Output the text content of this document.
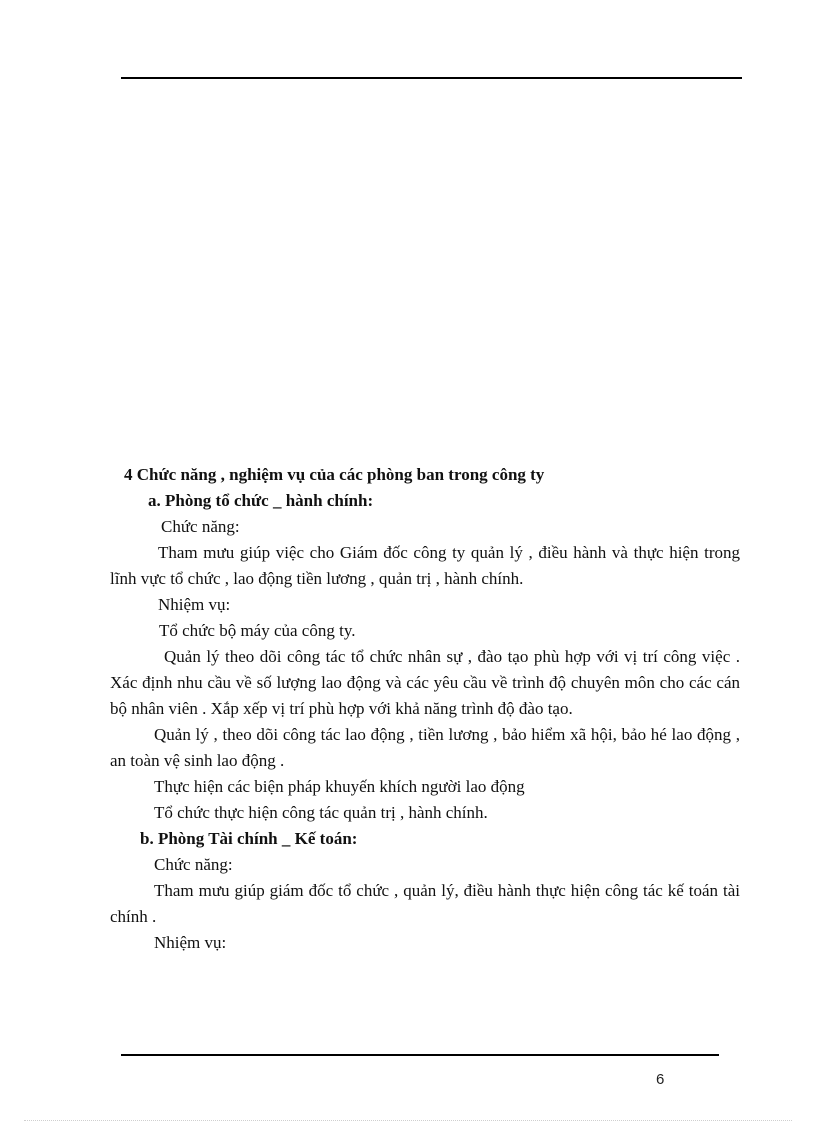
4 Chức năng , nghiệm vụ của các phòng ban trong công ty

a. Phòng tổ chức _ hành chính:

Chức năng:

Tham mưu giúp việc cho Giám đốc công ty quản lý , điều hành và thực hiện trong lĩnh vực tổ chức , lao động tiền lương , quản trị , hành chính.

Nhiệm vụ:

Tổ chức bộ máy của công ty.

Quản lý theo dõi công tác tổ chức nhân sự , đào tạo phù hợp với vị trí công việc . Xác định nhu cầu về số lượng lao động và các yêu cầu về trình độ chuyên môn cho các cán bộ nhân viên . Xắp xếp vị trí phù hợp với khả năng trình độ đào tạo.

Quản lý , theo dõi công tác lao động , tiền lương , bảo hiểm xã hội, bảo hé lao động , an toàn vệ sinh lao động .

Thực hiện các biện pháp khuyến khích người lao động

Tổ chức thực hiện công tác quản trị , hành chính.

b. Phòng Tài chính _ Kế toán:

Chức năng:

Tham mưu giúp giám đốc tổ chức , quản lý, điều hành thực hiện công tác kế toán tài chính .

Nhiệm vụ:

6
